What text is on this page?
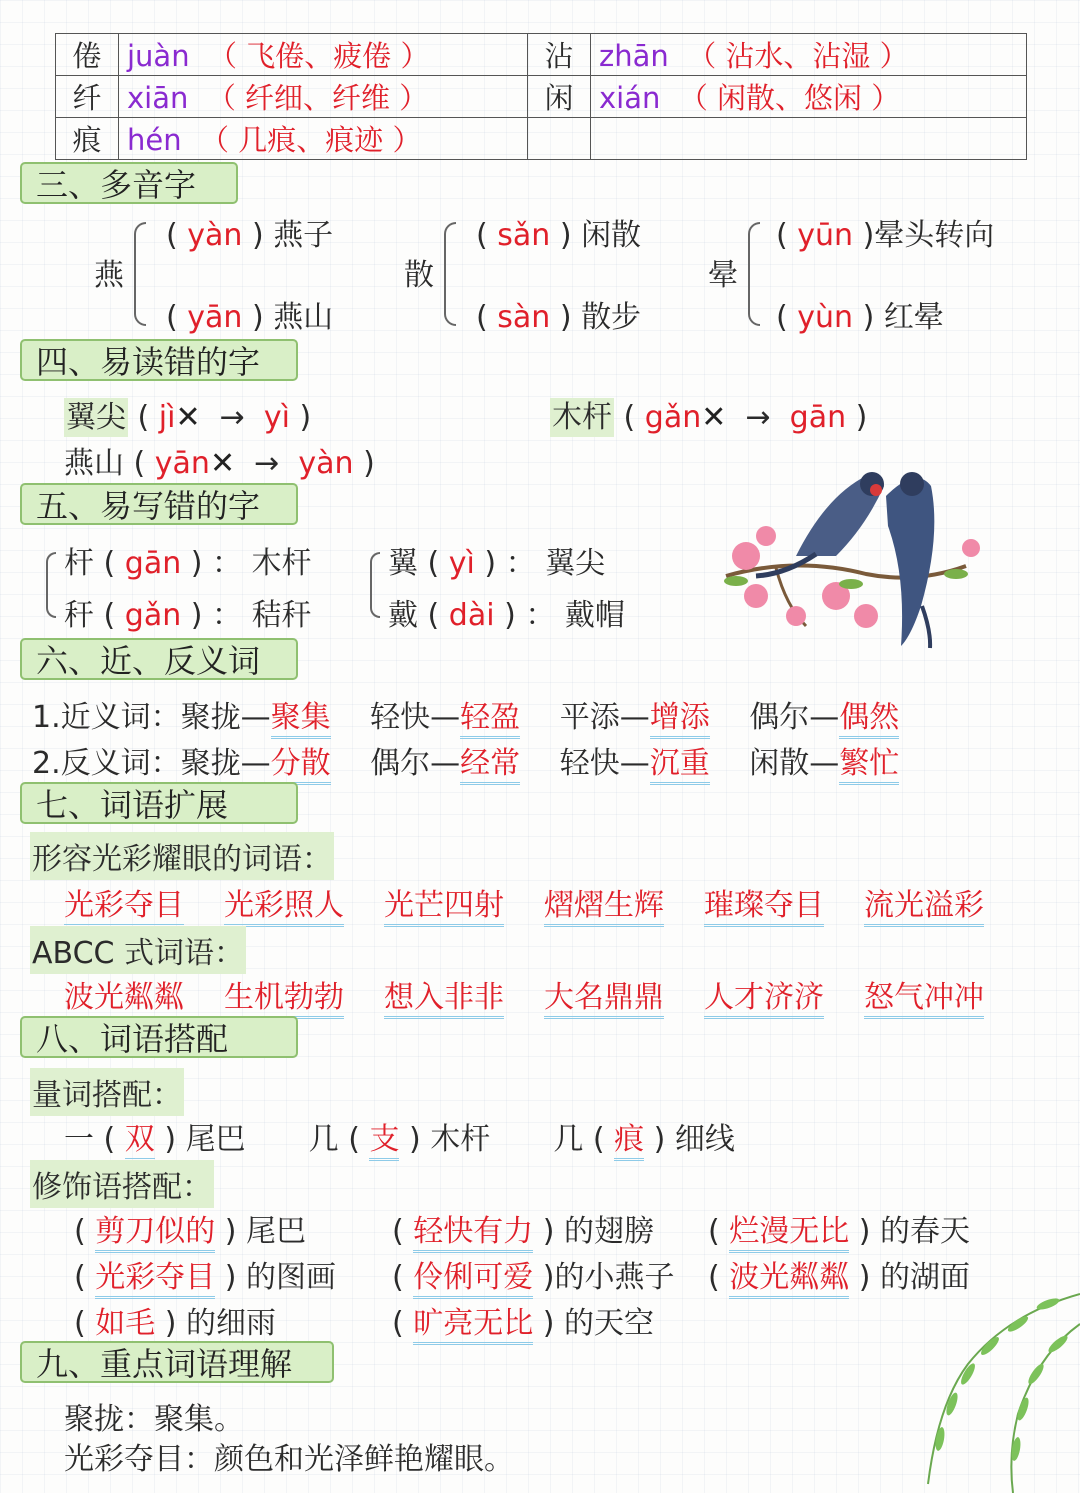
倦	juàn （ 飞倦、疲倦 ）	沾	zhān （ 沾水、沾湿 ）
纤	xiān （ 纤细、纤维 ）	闲	xián （ 闲散、悠闲 ）
痕	hén （ 几痕、痕迹 ）		
三、多音字
燕
( yàn ) 燕子
( yān ) 燕山
散
( sǎn ) 闲散
( sàn ) 散步
晕
( yūn )晕头转向
( yùn ) 红晕
四、易读错的字
翼尖 ( jì✕ → yì )	木杆 ( gǎn✕ → gān )
燕山 ( yān✕ → yàn )
五、易写错的字
杆 ( gān ) ： 木杆
秆 ( gǎn ) ： 秸秆
翼 ( yì ) ： 翼尖
戴 ( dài ) ： 戴帽
六、近、反义词
1.近义词：聚拢—聚集 轻快—轻盈 平添—增添 偶尔—偶然
2.反义词：聚拢—分散 偶尔—经常 轻快—沉重 闲散—繁忙
七、词语扩展
形容光彩耀眼的词语：
光彩夺目 光彩照人 光芒四射 熠熠生辉 璀璨夺目 流光溢彩
ABCC 式词语：
波光粼粼 生机勃勃 想入非非 大名鼎鼎 人才济济 怒气冲冲
八、词语搭配
量词搭配：
一 ( 双 ) 尾巴 几 ( 支 ) 木杆 几 ( 痕 ) 细线
修饰语搭配：
( 剪刀似的 ) 尾巴	( 轻快有力 ) 的翅膀 ( 烂漫无比 ) 的春天
( 光彩夺目 ) 的图画 ( 伶俐可爱 )的小燕子 ( 波光粼粼 ) 的湖面
( 如毛 ) 的细雨	( 旷亮无比 ) 的天空
九、重点词语理解
聚拢：聚集。
光彩夺目：颜色和光泽鲜艳耀眼。
